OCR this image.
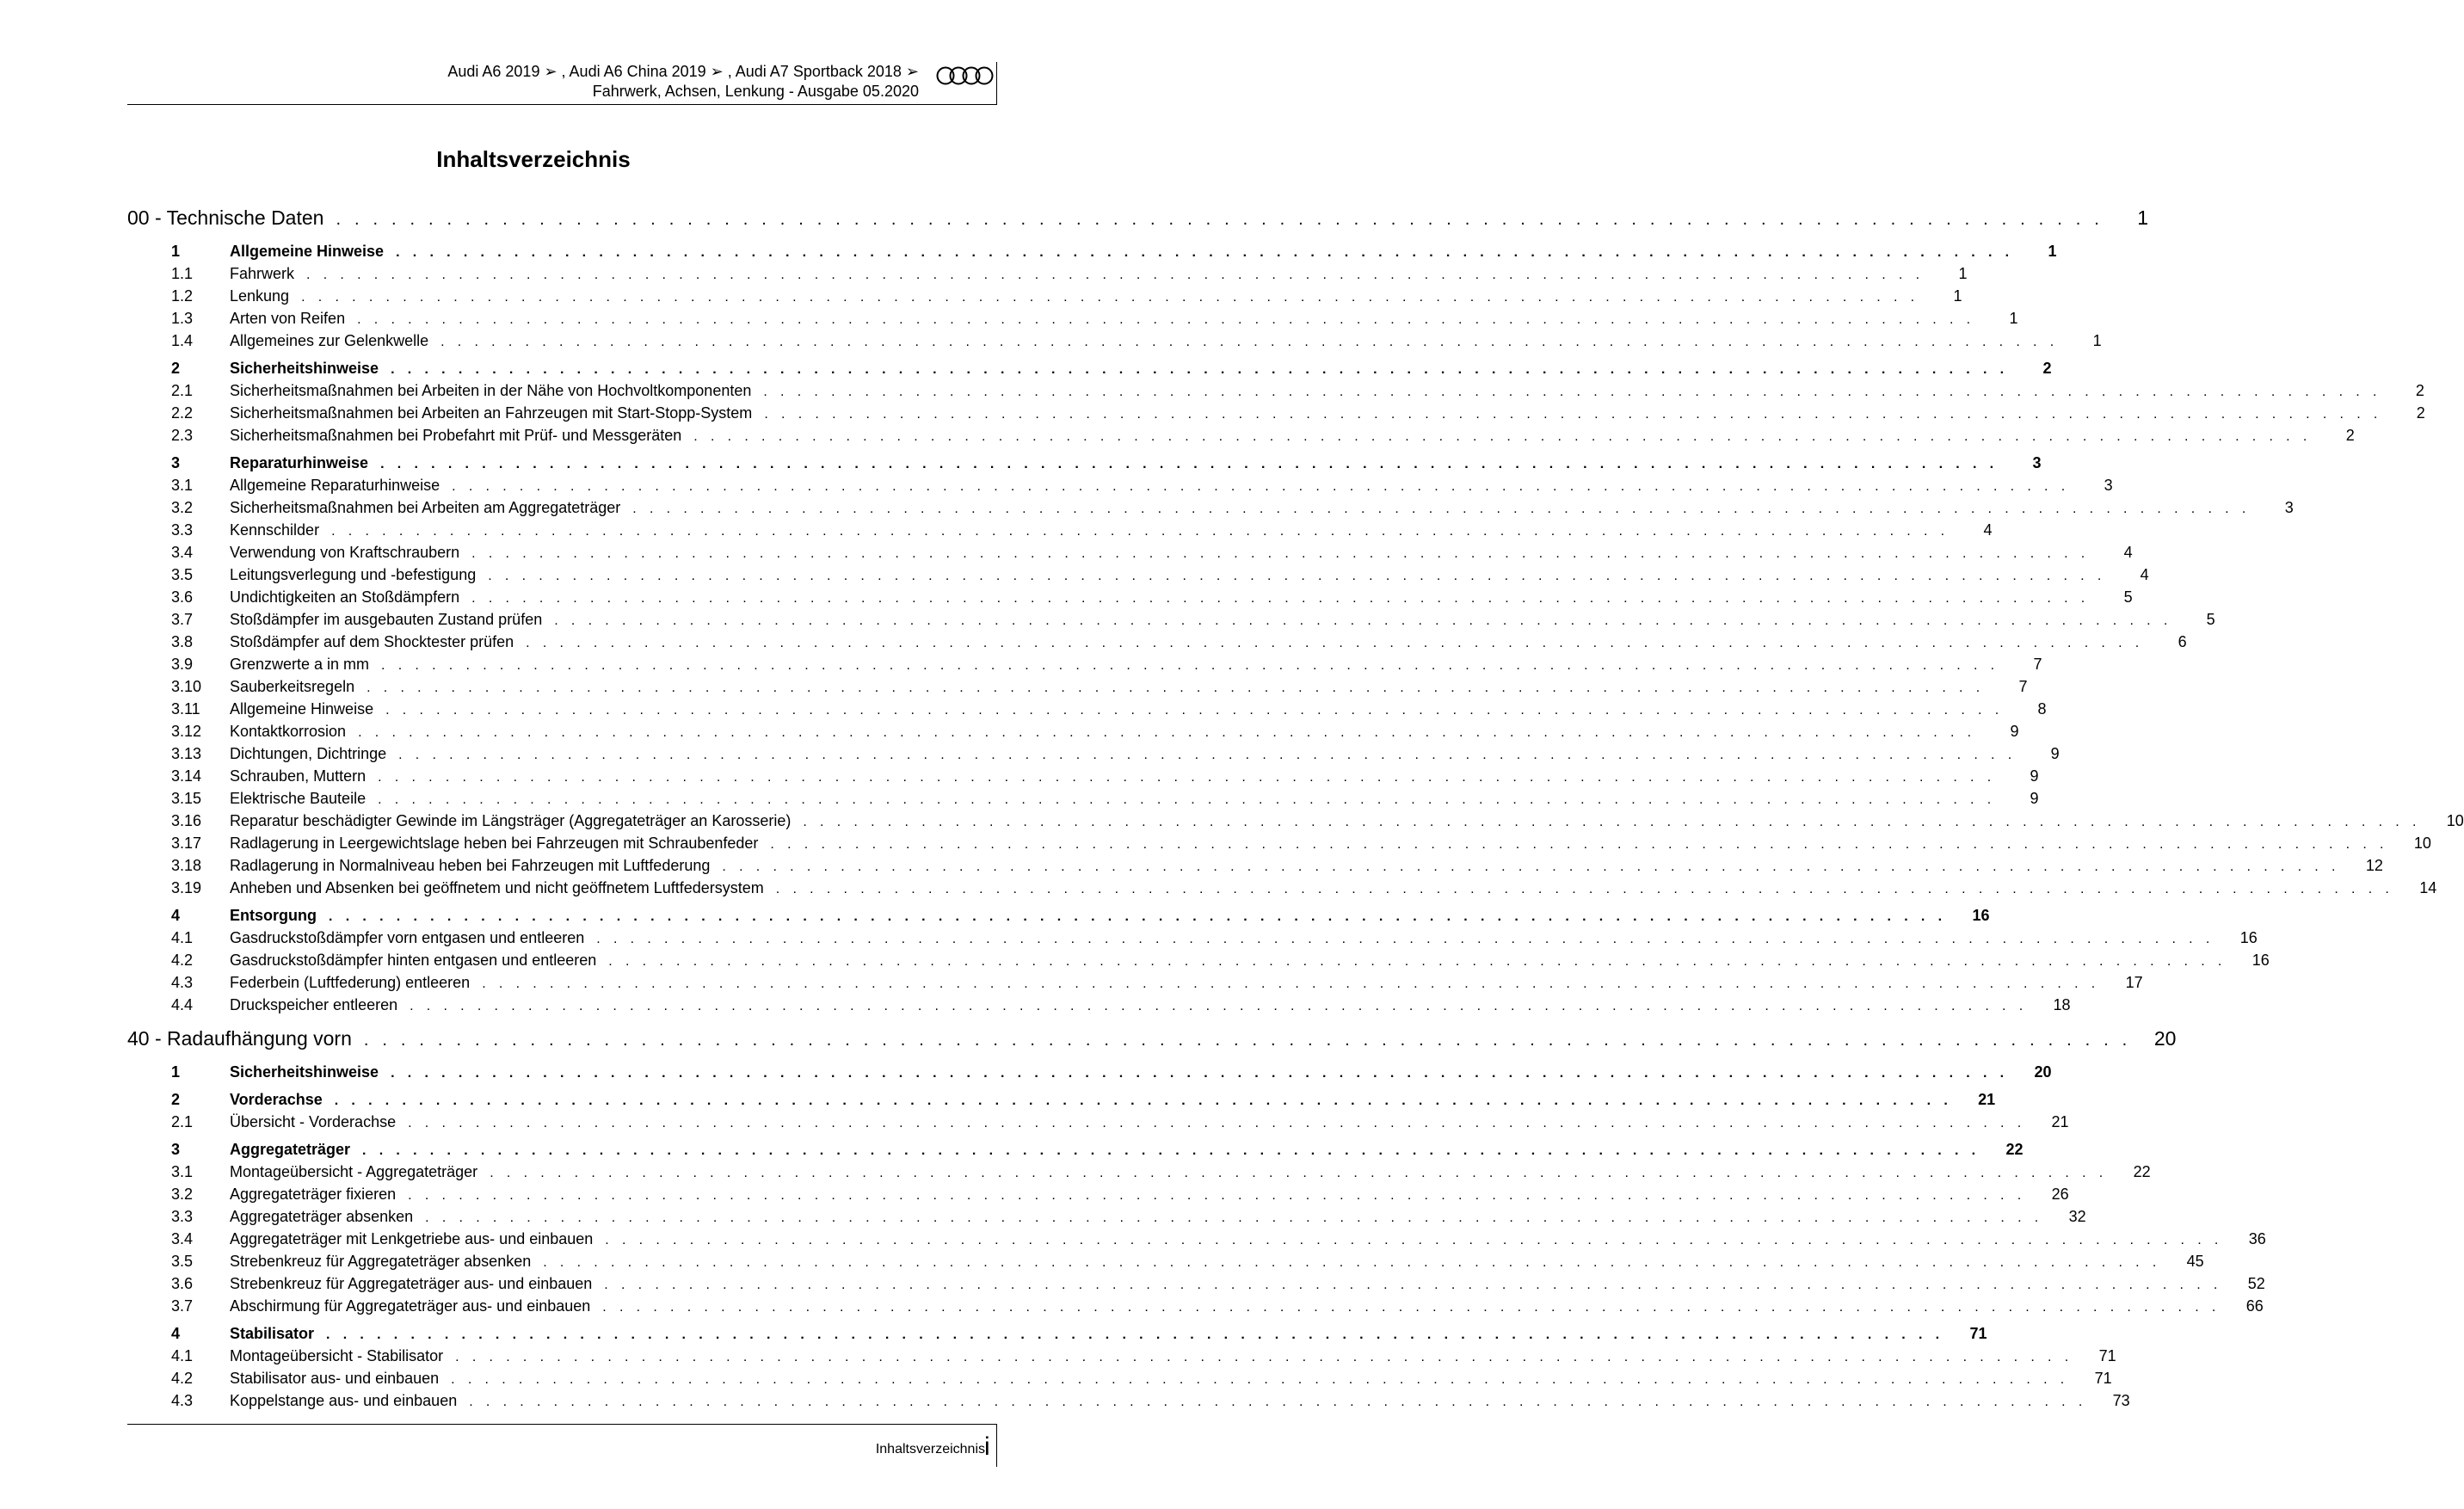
Audi A6 2019 ➢ , Audi A6 China 2019 ➢ , Audi A7 Sportback 2018 ➢
Fahrwerk, Achsen, Lenkung - Ausgabe 05.2020
Inhaltsverzeichnis
00 - Technische Daten . . . . . . . . . . . . . . . . . . . . . . . . . . . . . . . . . . . . . . . . . . . . . . . . . . . . . . . . . . . . . . . . . . . . . . . . . . . . . . . . . . . . . . . . . . . . . . . .	1
1	Allgemeine Hinweise . . . . . . . . . . . . . . . . . . . . . . . . . . . . . . . . . . . . . . . . . . . . . . . . . . . . . . . . . . . . . . . . . . . . . . . . . . . . . . . . . . . . . . . . . . . . . . . .	1
1.1	Fahrwerk . . . . . . . . . . . . . . . . . . . . . . . . . . . . . . . . . . . . . . . . . . . . . . . . . . . . . . . . . . . . . . . . . . . . . . . . . . . . . . . . . . . . . . . . . . . . . . . .	1
1.2	Lenkung . . . . . . . . . . . . . . . . . . . . . . . . . . . . . . . . . . . . . . . . . . . . . . . . . . . . . . . . . . . . . . . . . . . . . . . . . . . . . . . . . . . . . . . . . . . . . . . .	1
1.3	Arten von Reifen . . . . . . . . . . . . . . . . . . . . . . . . . . . . . . . . . . . . . . . . . . . . . . . . . . . . . . . . . . . . . . . . . . . . . . . . . . . . . . . . . . . . . . . . . . . . . . . .	1
1.4	Allgemeines zur Gelenkwelle . . . . . . . . . . . . . . . . . . . . . . . . . . . . . . . . . . . . . . . . . . . . . . . . . . . . . . . . . . . . . . . . . . . . . . . . . . . . . . . . . . . . . . . . . . . . . . . .	1
2	Sicherheitshinweise . . . . . . . . . . . . . . . . . . . . . . . . . . . . . . . . . . . . . . . . . . . . . . . . . . . . . . . . . . . . . . . . . . . . . . . . . . . . . . . . . . . . . . . . . . . . . . . .	2
2.1	Sicherheitsmaßnahmen bei Arbeiten in der Nähe von Hochvoltkomponenten . . . . . . . . . . . . . . . . . . . . . . . . . . . . . . . . . . . . . . . . . . . . . . . . . . . . . . . . . . . . . . . . . . . . . . . . . . . . . . . . . . . . . . . . . . . . . . . .	2
2.2	Sicherheitsmaßnahmen bei Arbeiten an Fahrzeugen mit Start-Stopp-System . . . . . . . . . . . . . . . . . . . . . . . . . . . . . . . . . . . . . . . . . . . . . . . . . . . . . . . . . . . . . . . . . . . . . . . . . . . . . . . . . . . . . . . . . . . . . . . .	2
2.3	Sicherheitsmaßnahmen bei Probefahrt mit Prüf- und Messgeräten . . . . . . . . . . . . . . . . . . . . . . . . . . . . . . . . . . . . . . . . . . . . . . . . . . . . . . . . . . . . . . . . . . . . . . . . . . . . . . . . . . . . . . . . . . . . . . . .	2
3	Reparaturhinweise . . . . . . . . . . . . . . . . . . . . . . . . . . . . . . . . . . . . . . . . . . . . . . . . . . . . . . . . . . . . . . . . . . . . . . . . . . . . . . . . . . . . . . . . . . . . . . . .	3
3.1	Allgemeine Reparaturhinweise . . . . . . . . . . . . . . . . . . . . . . . . . . . . . . . . . . . . . . . . . . . . . . . . . . . . . . . . . . . . . . . . . . . . . . . . . . . . . . . . . . . . . . . . . . . . . . . .	3
3.2	Sicherheitsmaßnahmen bei Arbeiten am Aggregateträger . . . . . . . . . . . . . . . . . . . . . . . . . . . . . . . . . . . . . . . . . . . . . . . . . . . . . . . . . . . . . . . . . . . . . . . . . . . . . . . . . . . . . . . . . . . . . . . .	3
3.3	Kennschilder . . . . . . . . . . . . . . . . . . . . . . . . . . . . . . . . . . . . . . . . . . . . . . . . . . . . . . . . . . . . . . . . . . . . . . . . . . . . . . . . . . . . . . . . . . . . . . . .	4
3.4	Verwendung von Kraftschraubern . . . . . . . . . . . . . . . . . . . . . . . . . . . . . . . . . . . . . . . . . . . . . . . . . . . . . . . . . . . . . . . . . . . . . . . . . . . . . . . . . . . . . . . . . . . . . . . .	4
3.5	Leitungsverlegung und -befestigung . . . . . . . . . . . . . . . . . . . . . . . . . . . . . . . . . . . . . . . . . . . . . . . . . . . . . . . . . . . . . . . . . . . . . . . . . . . . . . . . . . . . . . . . . . . . . . . .	4
3.6	Undichtigkeiten an Stoßdämpfern . . . . . . . . . . . . . . . . . . . . . . . . . . . . . . . . . . . . . . . . . . . . . . . . . . . . . . . . . . . . . . . . . . . . . . . . . . . . . . . . . . . . . . . . . . . . . . . .	5
3.7	Stoßdämpfer im ausgebauten Zustand prüfen . . . . . . . . . . . . . . . . . . . . . . . . . . . . . . . . . . . . . . . . . . . . . . . . . . . . . . . . . . . . . . . . . . . . . . . . . . . . . . . . . . . . . . . . . . . . . . . .	5
3.8	Stoßdämpfer auf dem Shocktester prüfen . . . . . . . . . . . . . . . . . . . . . . . . . . . . . . . . . . . . . . . . . . . . . . . . . . . . . . . . . . . . . . . . . . . . . . . . . . . . . . . . . . . . . . . . . . . . . . . .	6
3.9	Grenzwerte a in mm . . . . . . . . . . . . . . . . . . . . . . . . . . . . . . . . . . . . . . . . . . . . . . . . . . . . . . . . . . . . . . . . . . . . . . . . . . . . . . . . . . . . . . . . . . . . . . . .	7
3.10	Sauberkeitsregeln . . . . . . . . . . . . . . . . . . . . . . . . . . . . . . . . . . . . . . . . . . . . . . . . . . . . . . . . . . . . . . . . . . . . . . . . . . . . . . . . . . . . . . . . . . . . . . . .	7
3.11	Allgemeine Hinweise . . . . . . . . . . . . . . . . . . . . . . . . . . . . . . . . . . . . . . . . . . . . . . . . . . . . . . . . . . . . . . . . . . . . . . . . . . . . . . . . . . . . . . . . . . . . . . . .	8
3.12	Kontaktkorrosion . . . . . . . . . . . . . . . . . . . . . . . . . . . . . . . . . . . . . . . . . . . . . . . . . . . . . . . . . . . . . . . . . . . . . . . . . . . . . . . . . . . . . . . . . . . . . . . .	9
3.13	Dichtungen, Dichtringe . . . . . . . . . . . . . . . . . . . . . . . . . . . . . . . . . . . . . . . . . . . . . . . . . . . . . . . . . . . . . . . . . . . . . . . . . . . . . . . . . . . . . . . . . . . . . . . .	9
3.14	Schrauben, Muttern . . . . . . . . . . . . . . . . . . . . . . . . . . . . . . . . . . . . . . . . . . . . . . . . . . . . . . . . . . . . . . . . . . . . . . . . . . . . . . . . . . . . . . . . . . . . . . . .	9
3.15	Elektrische Bauteile . . . . . . . . . . . . . . . . . . . . . . . . . . . . . . . . . . . . . . . . . . . . . . . . . . . . . . . . . . . . . . . . . . . . . . . . . . . . . . . . . . . . . . . . . . . . . . . .	9
3.16	Reparatur beschädigter Gewinde im Längsträger (Aggregateträger an Karosserie) . . . . . . . . . . . . . . . . . . . . . . . . . . . . . . . . . . . . . . . . . . . . . . . . . . . . . . . . . . . . . . . . . . . . . . . . . . . . . . . . . . . . . . . . . . . . . . . .	10
3.17	Radlagerung in Leergewichtslage heben bei Fahrzeugen mit Schraubenfeder . . . . . . . . . . . . . . . . . . . . . . . . . . . . . . . . . . . . . . . . . . . . . . . . . . . . . . . . . . . . . . . . . . . . . . . . . . . . . . . . . . . . . . . . . . . . . . . .	10
3.18	Radlagerung in Normalniveau heben bei Fahrzeugen mit Luftfederung . . . . . . . . . . . . . . . . . . . . . . . . . . . . . . . . . . . . . . . . . . . . . . . . . . . . . . . . . . . . . . . . . . . . . . . . . . . . . . . . . . . . . . . . . . . . . . . .	12
3.19	Anheben und Absenken bei geöffnetem und nicht geöffnetem Luftfedersystem . . . . . . . . . . . . . . . . . . . . . . . . . . . . . . . . . . . . . . . . . . . . . . . . . . . . . . . . . . . . . . . . . . . . . . . . . . . . . . . . . . . . . . . . . . . . . . . .	14
4	Entsorgung . . . . . . . . . . . . . . . . . . . . . . . . . . . . . . . . . . . . . . . . . . . . . . . . . . . . . . . . . . . . . . . . . . . . . . . . . . . . . . . . . . . . . . . . . . . . . . . .	16
4.1	Gasdruckstoßdämpfer vorn entgasen und entleeren . . . . . . . . . . . . . . . . . . . . . . . . . . . . . . . . . . . . . . . . . . . . . . . . . . . . . . . . . . . . . . . . . . . . . . . . . . . . . . . . . . . . . . . . . . . . . . . .	16
4.2	Gasdruckstoßdämpfer hinten entgasen und entleeren . . . . . . . . . . . . . . . . . . . . . . . . . . . . . . . . . . . . . . . . . . . . . . . . . . . . . . . . . . . . . . . . . . . . . . . . . . . . . . . . . . . . . . . . . . . . . . . .	16
4.3	Federbein (Luftfederung) entleeren . . . . . . . . . . . . . . . . . . . . . . . . . . . . . . . . . . . . . . . . . . . . . . . . . . . . . . . . . . . . . . . . . . . . . . . . . . . . . . . . . . . . . . . . . . . . . . . .	17
4.4	Druckspeicher entleeren . . . . . . . . . . . . . . . . . . . . . . . . . . . . . . . . . . . . . . . . . . . . . . . . . . . . . . . . . . . . . . . . . . . . . . . . . . . . . . . . . . . . . . . . . . . . . . . .	18
40 - Radaufhängung vorn . . . . . . . . . . . . . . . . . . . . . . . . . . . . . . . . . . . . . . . . . . . . . . . . . . . . . . . . . . . . . . . . . . . . . . . . . . . . . . . . . . . . . . . . . . . . . . . .	20
1	Sicherheitshinweise . . . . . . . . . . . . . . . . . . . . . . . . . . . . . . . . . . . . . . . . . . . . . . . . . . . . . . . . . . . . . . . . . . . . . . . . . . . . . . . . . . . . . . . . . . . . . . . .	20
2	Vorderachse . . . . . . . . . . . . . . . . . . . . . . . . . . . . . . . . . . . . . . . . . . . . . . . . . . . . . . . . . . . . . . . . . . . . . . . . . . . . . . . . . . . . . . . . . . . . . . . .	21
2.1	Übersicht - Vorderachse . . . . . . . . . . . . . . . . . . . . . . . . . . . . . . . . . . . . . . . . . . . . . . . . . . . . . . . . . . . . . . . . . . . . . . . . . . . . . . . . . . . . . . . . . . . . . . . .	21
3	Aggregateträger . . . . . . . . . . . . . . . . . . . . . . . . . . . . . . . . . . . . . . . . . . . . . . . . . . . . . . . . . . . . . . . . . . . . . . . . . . . . . . . . . . . . . . . . . . . . . . . .	22
3.1	Montageübersicht - Aggregateträger . . . . . . . . . . . . . . . . . . . . . . . . . . . . . . . . . . . . . . . . . . . . . . . . . . . . . . . . . . . . . . . . . . . . . . . . . . . . . . . . . . . . . . . . . . . . . . . .	22
3.2	Aggregateträger fixieren . . . . . . . . . . . . . . . . . . . . . . . . . . . . . . . . . . . . . . . . . . . . . . . . . . . . . . . . . . . . . . . . . . . . . . . . . . . . . . . . . . . . . . . . . . . . . . . .	26
3.3	Aggregateträger absenken . . . . . . . . . . . . . . . . . . . . . . . . . . . . . . . . . . . . . . . . . . . . . . . . . . . . . . . . . . . . . . . . . . . . . . . . . . . . . . . . . . . . . . . . . . . . . . . .	32
3.4	Aggregateträger mit Lenkgetriebe aus- und einbauen . . . . . . . . . . . . . . . . . . . . . . . . . . . . . . . . . . . . . . . . . . . . . . . . . . . . . . . . . . . . . . . . . . . . . . . . . . . . . . . . . . . . . . . . . . . . . . . .	36
3.5	Strebenkreuz für Aggregateträger absenken . . . . . . . . . . . . . . . . . . . . . . . . . . . . . . . . . . . . . . . . . . . . . . . . . . . . . . . . . . . . . . . . . . . . . . . . . . . . . . . . . . . . . . . . . . . . . . . .	45
3.6	Strebenkreuz für Aggregateträger aus- und einbauen . . . . . . . . . . . . . . . . . . . . . . . . . . . . . . . . . . . . . . . . . . . . . . . . . . . . . . . . . . . . . . . . . . . . . . . . . . . . . . . . . . . . . . . . . . . . . . . .	52
3.7	Abschirmung für Aggregateträger aus- und einbauen . . . . . . . . . . . . . . . . . . . . . . . . . . . . . . . . . . . . . . . . . . . . . . . . . . . . . . . . . . . . . . . . . . . . . . . . . . . . . . . . . . . . . . . . . . . . . . . .	66
4	Stabilisator . . . . . . . . . . . . . . . . . . . . . . . . . . . . . . . . . . . . . . . . . . . . . . . . . . . . . . . . . . . . . . . . . . . . . . . . . . . . . . . . . . . . . . . . . . . . . . . .	71
4.1	Montageübersicht - Stabilisator . . . . . . . . . . . . . . . . . . . . . . . . . . . . . . . . . . . . . . . . . . . . . . . . . . . . . . . . . . . . . . . . . . . . . . . . . . . . . . . . . . . . . . . . . . . . . . . .	71
4.2	Stabilisator aus- und einbauen . . . . . . . . . . . . . . . . . . . . . . . . . . . . . . . . . . . . . . . . . . . . . . . . . . . . . . . . . . . . . . . . . . . . . . . . . . . . . . . . . . . . . . . . . . . . . . . .	71
4.3	Koppelstange aus- und einbauen . . . . . . . . . . . . . . . . . . . . . . . . . . . . . . . . . . . . . . . . . . . . . . . . . . . . . . . . . . . . . . . . . . . . . . . . . . . . . . . . . . . . . . . . . . . . . . . .	73
Inhaltsverzeichnis i
